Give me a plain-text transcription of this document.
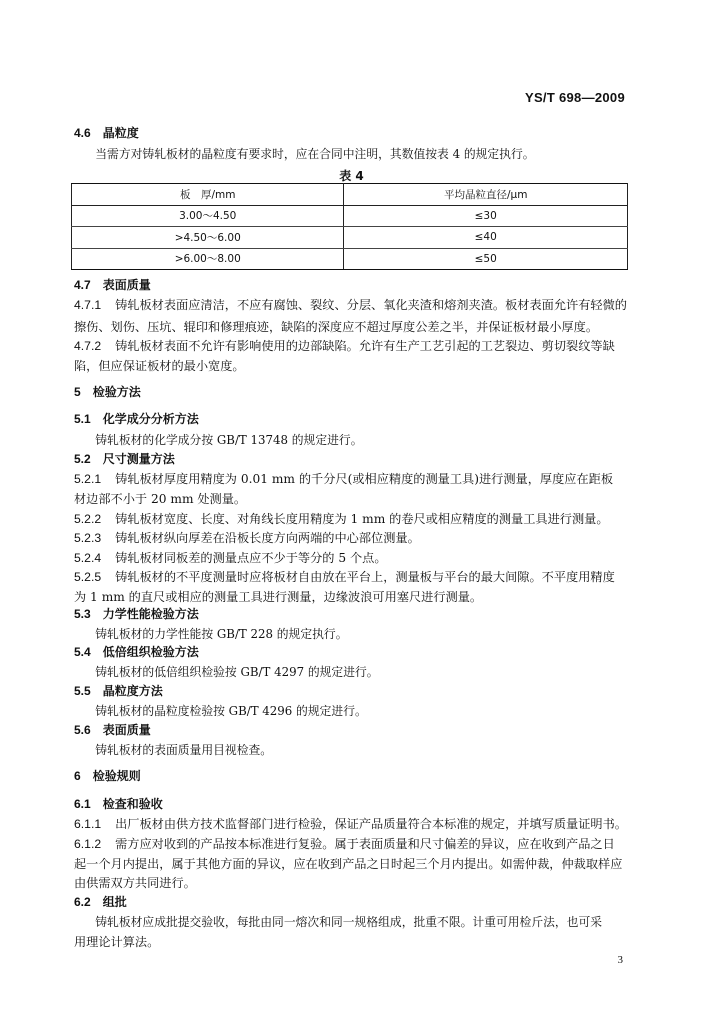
YS/T 698—2009
4.6 晶粒度
当需方对铸轧板材的晶粒度有要求时，应在合同中注明，其数值按表 4 的规定执行。
表 4
板　厚/mm	平均晶粒直径/μm
3.00～4.50	≤30
>4.50～6.00	≤40
>6.00～8.00	≤50
4.7 表面质量
4.7.1 铸轧板材表面应清洁，不应有腐蚀、裂纹、分层、氧化夹渣和熔剂夹渣。板材表面允许有轻微的
擦伤、划伤、压坑、辊印和修理痕迹，缺陷的深度应不超过厚度公差之半，并保证板材最小厚度。
4.7.2 铸轧板材表面不允许有影响使用的边部缺陷。允许有生产工艺引起的工艺裂边、剪切裂纹等缺
陷，但应保证板材的最小宽度。
5 检验方法
5.1 化学成分分析方法
铸轧板材的化学成分按 GB/T 13748 的规定进行。
5.2 尺寸测量方法
5.2.1 铸轧板材厚度用精度为 0.01 mm 的千分尺(或相应精度的测量工具)进行测量，厚度应在距板
材边部不小于 20 mm 处测量。
5.2.2 铸轧板材宽度、长度、对角线长度用精度为 1 mm 的卷尺或相应精度的测量工具进行测量。
5.2.3 铸轧板材纵向厚差在沿板长度方向两端的中心部位测量。
5.2.4 铸轧板材同板差的测量点应不少于等分的 5 个点。
5.2.5 铸轧板材的不平度测量时应将板材自由放在平台上，测量板与平台的最大间隙。不平度用精度
为 1 mm 的直尺或相应的测量工具进行测量，边缘波浪可用塞尺进行测量。
5.3 力学性能检验方法
铸轧板材的力学性能按 GB/T 228 的规定执行。
5.4 低倍组织检验方法
铸轧板材的低倍组织检验按 GB/T 4297 的规定进行。
5.5 晶粒度方法
铸轧板材的晶粒度检验按 GB/T 4296 的规定进行。
5.6 表面质量
铸轧板材的表面质量用目视检查。
6 检验规则
6.1 检查和验收
6.1.1 出厂板材由供方技术监督部门进行检验，保证产品质量符合本标准的规定，并填写质量证明书。
6.1.2 需方应对收到的产品按本标准进行复验。属于表面质量和尺寸偏差的异议，应在收到产品之日
起一个月内提出，属于其他方面的异议，应在收到产品之日时起三个月内提出。如需仲裁，仲裁取样应
由供需双方共同进行。
6.2 组批
铸轧板材应成批提交验收，每批由同一熔次和同一规格组成，批重不限。计重可用检斤法，也可采
用理论计算法。
3
